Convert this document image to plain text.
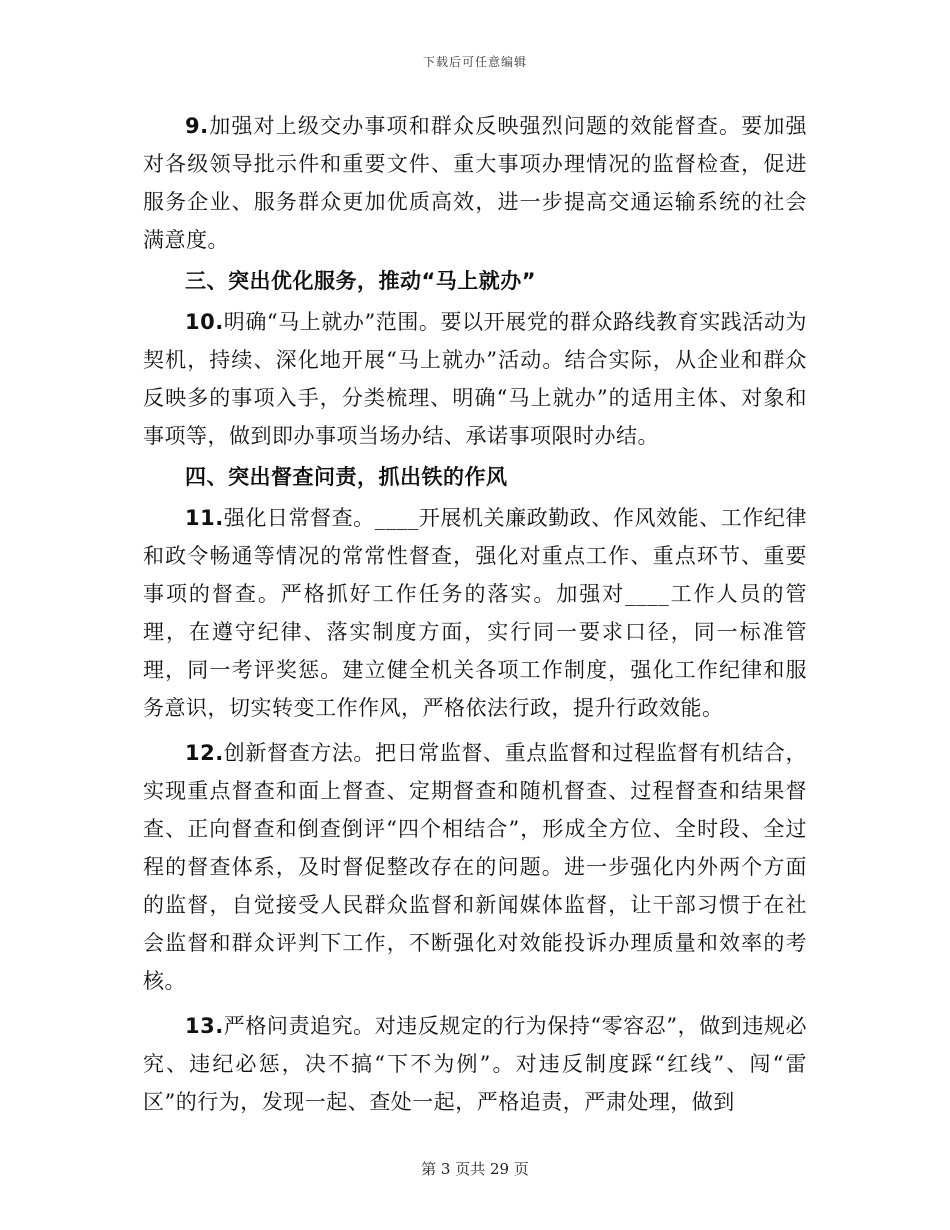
下载后可任意编辑

9.加强对上级交办事项和群众反映强烈问题的效能督查。要加强对各级领导批示件和重要文件、重大事项办理情况的监督检查，促进服务企业、服务群众更加优质高效，进一步提高交通运输系统的社会满意度。

三、突出优化服务，推动“马上就办”

10.明确“马上就办”范围。要以开展党的群众路线教育实践活动为契机，持续、深化地开展“马上就办”活动。结合实际，从企业和群众反映多的事项入手，分类梳理、明确“马上就办”的适用主体、对象和事项等，做到即办事项当场办结、承诺事项限时办结。

四、突出督查问责，抓出铁的作风

11.强化日常督查。____开展机关廉政勤政、作风效能、工作纪律和政令畅通等情况的常常性督查，强化对重点工作、重点环节、重要事项的督查。严格抓好工作任务的落实。加强对____工作人员的管理，在遵守纪律、落实制度方面，实行同一要求口径，同一标准管理，同一考评奖惩。建立健全机关各项工作制度，强化工作纪律和服务意识，切实转变工作作风，严格依法行政，提升行政效能。

12.创新督查方法。把日常监督、重点监督和过程监督有机结合，实现重点督查和面上督查、定期督查和随机督查、过程督查和结果督查、正向督查和倒查倒评“四个相结合”，形成全方位、全时段、全过程的督查体系，及时督促整改存在的问题。进一步强化内外两个方面的监督，自觉接受人民群众监督和新闻媒体监督，让干部习惯于在社会监督和群众评判下工作，不断强化对效能投诉办理质量和效率的考核。

13.严格问责追究。对违反规定的行为保持“零容忍”，做到违规必究、违纪必惩，决不搞“下不为例”。对违反制度踩“红线”、闯“雷区”的行为，发现一起、查处一起，严格追责，严肃处理，做到

第 3 页共 29 页
